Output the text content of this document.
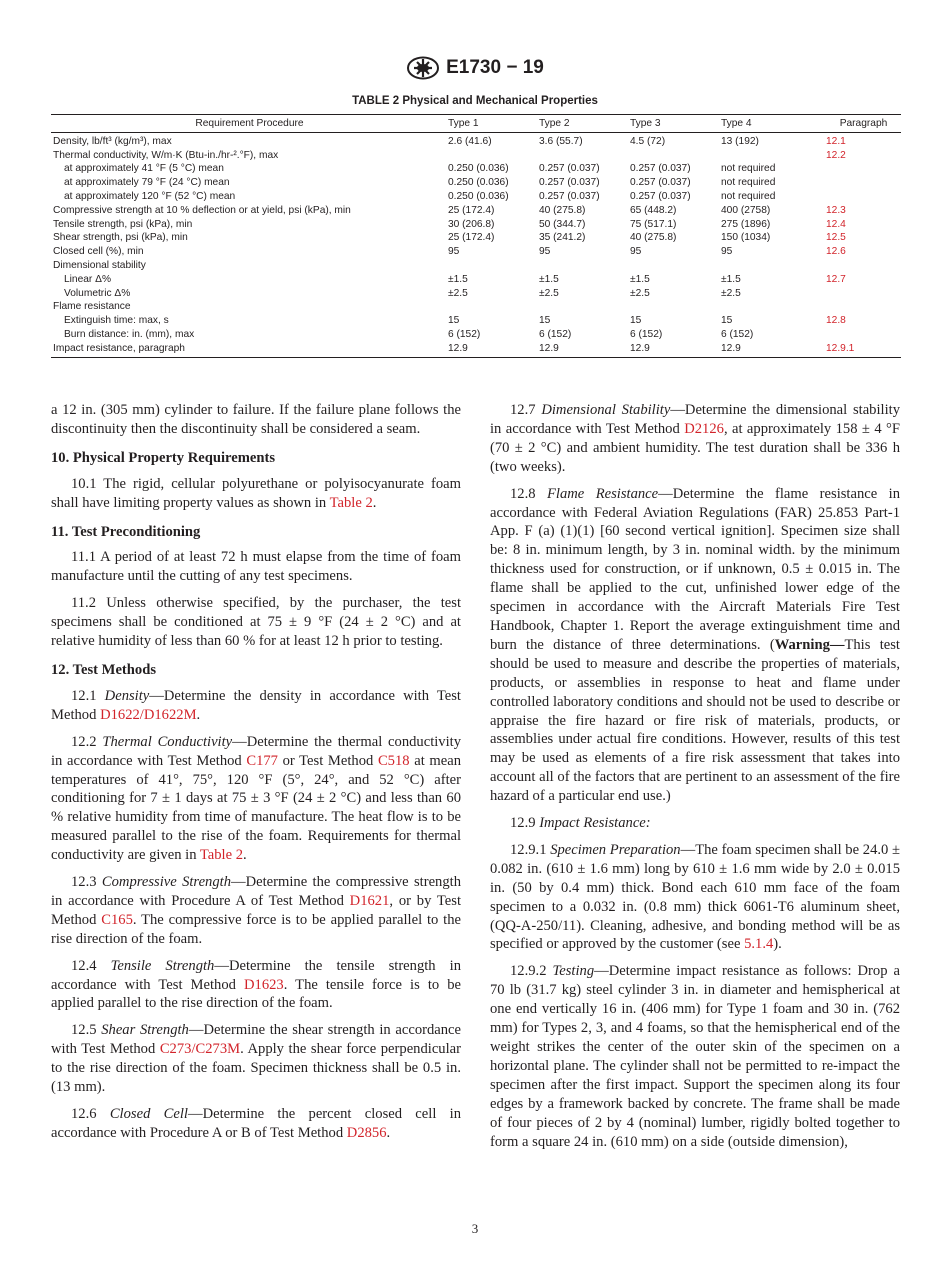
E1730 − 19
TABLE 2 Physical and Mechanical Properties
Requirement Procedure	Type 1	Type 2	Type 3	Type 4	Paragraph
Density, lb/ft³ (kg/m³), max	2.6 (41.6)	3.6 (55.7)	4.5 (72)	13 (192)	12.1
Thermal conductivity, W/m·K (Btu-in./hr-².°F), max					12.2
at approximately 41 °F (5 °C) mean	0.250 (0.036)	0.257 (0.037)	0.257 (0.037)	not required	
at approximately 79 °F (24 °C) mean	0.250 (0.036)	0.257 (0.037)	0.257 (0.037)	not required	
at approximately 120 °F (52 °C) mean	0.250 (0.036)	0.257 (0.037)	0.257 (0.037)	not required	
Compressive strength at 10 % deflection or at yield, psi (kPa), min	25 (172.4)	40 (275.8)	65 (448.2)	400 (2758)	12.3
Tensile strength, psi (kPa), min	30 (206.8)	50 (344.7)	75 (517.1)	275 (1896)	12.4
Shear strength, psi (kPa), min	25 (172.4)	35 (241.2)	40 (275.8)	150 (1034)	12.5
Closed cell (%), min	95	95	95	95	12.6
Dimensional stability					
Linear Δ%	±1.5	±1.5	±1.5	±1.5	12.7
Volumetric Δ%	±2.5	±2.5	±2.5	±2.5	
Flame resistance					
Extinguish time: max, s	15	15	15	15	12.8
Burn distance: in. (mm), max	6 (152)	6 (152)	6 (152)	6 (152)	
Impact resistance, paragraph	12.9	12.9	12.9	12.9	12.9.1

a 12 in. (305 mm) cylinder to failure. If the failure plane follows the discontinuity then the discontinuity shall be considered a seam.

10. Physical Property Requirements

10.1 The rigid, cellular polyurethane or polyisocyanurate foam shall have limiting property values as shown in Table 2.

11. Test Preconditioning

11.1 A period of at least 72 h must elapse from the time of foam manufacture until the cutting of any test specimens.

11.2 Unless otherwise specified, by the purchaser, the test specimens shall be conditioned at 75 ± 9 °F (24 ± 2 °C) and at relative humidity of less than 60 % for at least 12 h prior to testing.

12. Test Methods

12.1 Density—Determine the density in accordance with Test Method D1622/D1622M.

12.2 Thermal Conductivity—Determine the thermal conductivity in accordance with Test Method C177 or Test Method C518 at mean temperatures of 41°, 75°, 120 °F (5°, 24°, and 52 °C) after conditioning for 7 ± 1 days at 75 ± 3 °F (24 ± 2 °C) and less than 60 % relative humidity from time of manufacture. The heat flow is to be measured parallel to the rise of the foam. Requirements for thermal conductivity are given in Table 2.

12.3 Compressive Strength—Determine the compressive strength in accordance with Procedure A of Test Method D1621, or by Test Method C165. The compressive force is to be applied parallel to the rise direction of the foam.

12.4 Tensile Strength—Determine the tensile strength in accordance with Test Method D1623. The tensile force is to be applied parallel to the rise direction of the foam.

12.5 Shear Strength—Determine the shear strength in accordance with Test Method C273/C273M. Apply the shear force perpendicular to the rise direction of the foam. Specimen thickness shall be 0.5 in. (13 mm).

12.6 Closed Cell—Determine the percent closed cell in accordance with Procedure A or B of Test Method D2856.

12.7 Dimensional Stability—Determine the dimensional stability in accordance with Test Method D2126, at approximately 158 ± 4 °F (70 ± 2 °C) and ambient humidity. The test duration shall be 336 h (two weeks).

12.8 Flame Resistance—Determine the flame resistance in accordance with Federal Aviation Regulations (FAR) 25.853 Part-1 App. F (a) (1)(1) [60 second vertical ignition]. Specimen size shall be: 8 in. minimum length, by 3 in. nominal width. by the minimum thickness used for construction, or if unknown, 0.5 ± 0.015 in. The flame shall be applied to the cut, unfinished lower edge of the specimen in accordance with the Aircraft Materials Fire Test Handbook, Chapter 1. Report the average extinguishment time and burn the distance of three determinations. (Warning—This test should be used to measure and describe the properties of materials, products, or assemblies in response to heat and flame under controlled laboratory conditions and should not be used to describe or appraise the fire hazard or fire risk of materials, products, or assemblies under actual fire conditions. However, results of this test may be used as elements of a fire risk assessment that takes into account all of the factors that are pertinent to an assessment of the fire hazard of a particular end use.)

12.9 Impact Resistance:

12.9.1 Specimen Preparation—The foam specimen shall be 24.0 ± 0.082 in. (610 ± 1.6 mm) long by 610 ± 1.6 mm wide by 2.0 ± 0.015 in. (50 by 0.4 mm) thick. Bond each 610 mm face of the foam specimen to a 0.032 in. (0.8 mm) thick 6061-T6 aluminum sheet, (QQ-A-250/11). Cleaning, adhesive, and bonding method will be as specified or approved by the customer (see 5.1.4).

12.9.2 Testing—Determine impact resistance as follows: Drop a 70 lb (31.7 kg) steel cylinder 3 in. in diameter and hemispherical at one end vertically 16 in. (406 mm) for Type 1 foam and 30 in. (762 mm) for Types 2, 3, and 4 foams, so that the hemispherical end of the weight strikes the center of the outer skin of the specimen on a horizontal plane. The cylinder shall not be permitted to re-impact the specimen after the first impact. Support the specimen along its four edges by a framework backed by concrete. The frame shall be made of four pieces of 2 by 4 (nominal) lumber, rigidly bolted together to form a square 24 in. (610 mm) on a side (outside dimension),

3
